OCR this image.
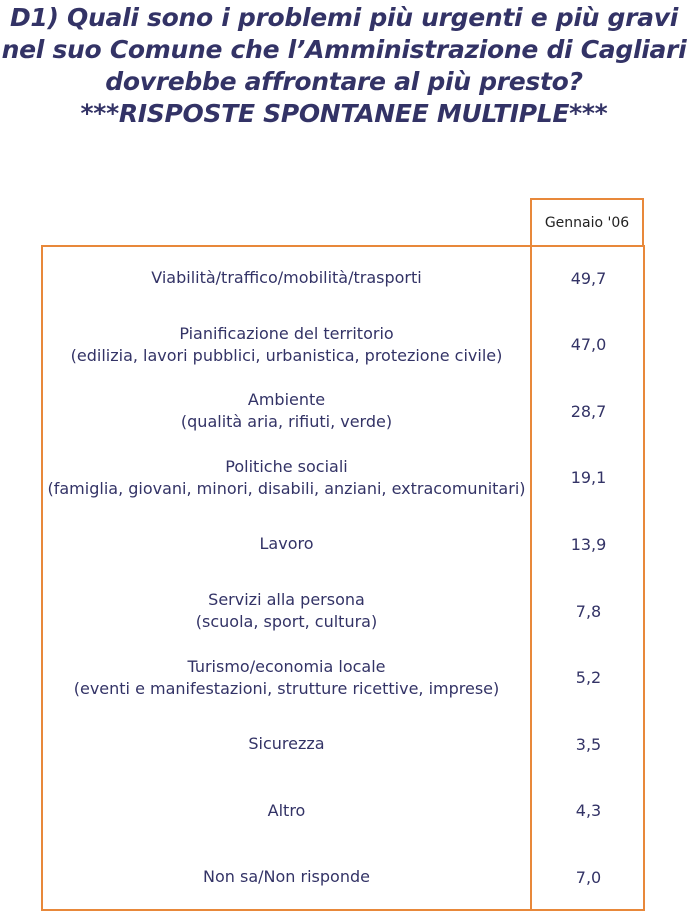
D1) Quali sono i problemi più urgenti e più gravi
nel suo Comune che l’Amministrazione di Cagliari
dovrebbe affrontare al più presto?
***RISPOSTE SPONTANEE MULTIPLE***
Gennaio '06
Viabilità/traffico/mobilità/trasporti	49,7
Pianificazione del territorio
(edilizia, lavori pubblici, urbanistica, protezione civile)
47,0
Ambiente
(qualità aria, rifiuti, verde)
28,7
Politiche sociali
(famiglia, giovani, minori, disabili, anziani, extracomunitari)
19,1
Lavoro	13,9
Servizi alla persona
(scuola, sport, cultura)
7,8
Turismo/economia locale
(eventi e manifestazioni, strutture ricettive, imprese)
5,2
Sicurezza	3,5
Altro	4,3
Non sa/Non risponde	7,0
